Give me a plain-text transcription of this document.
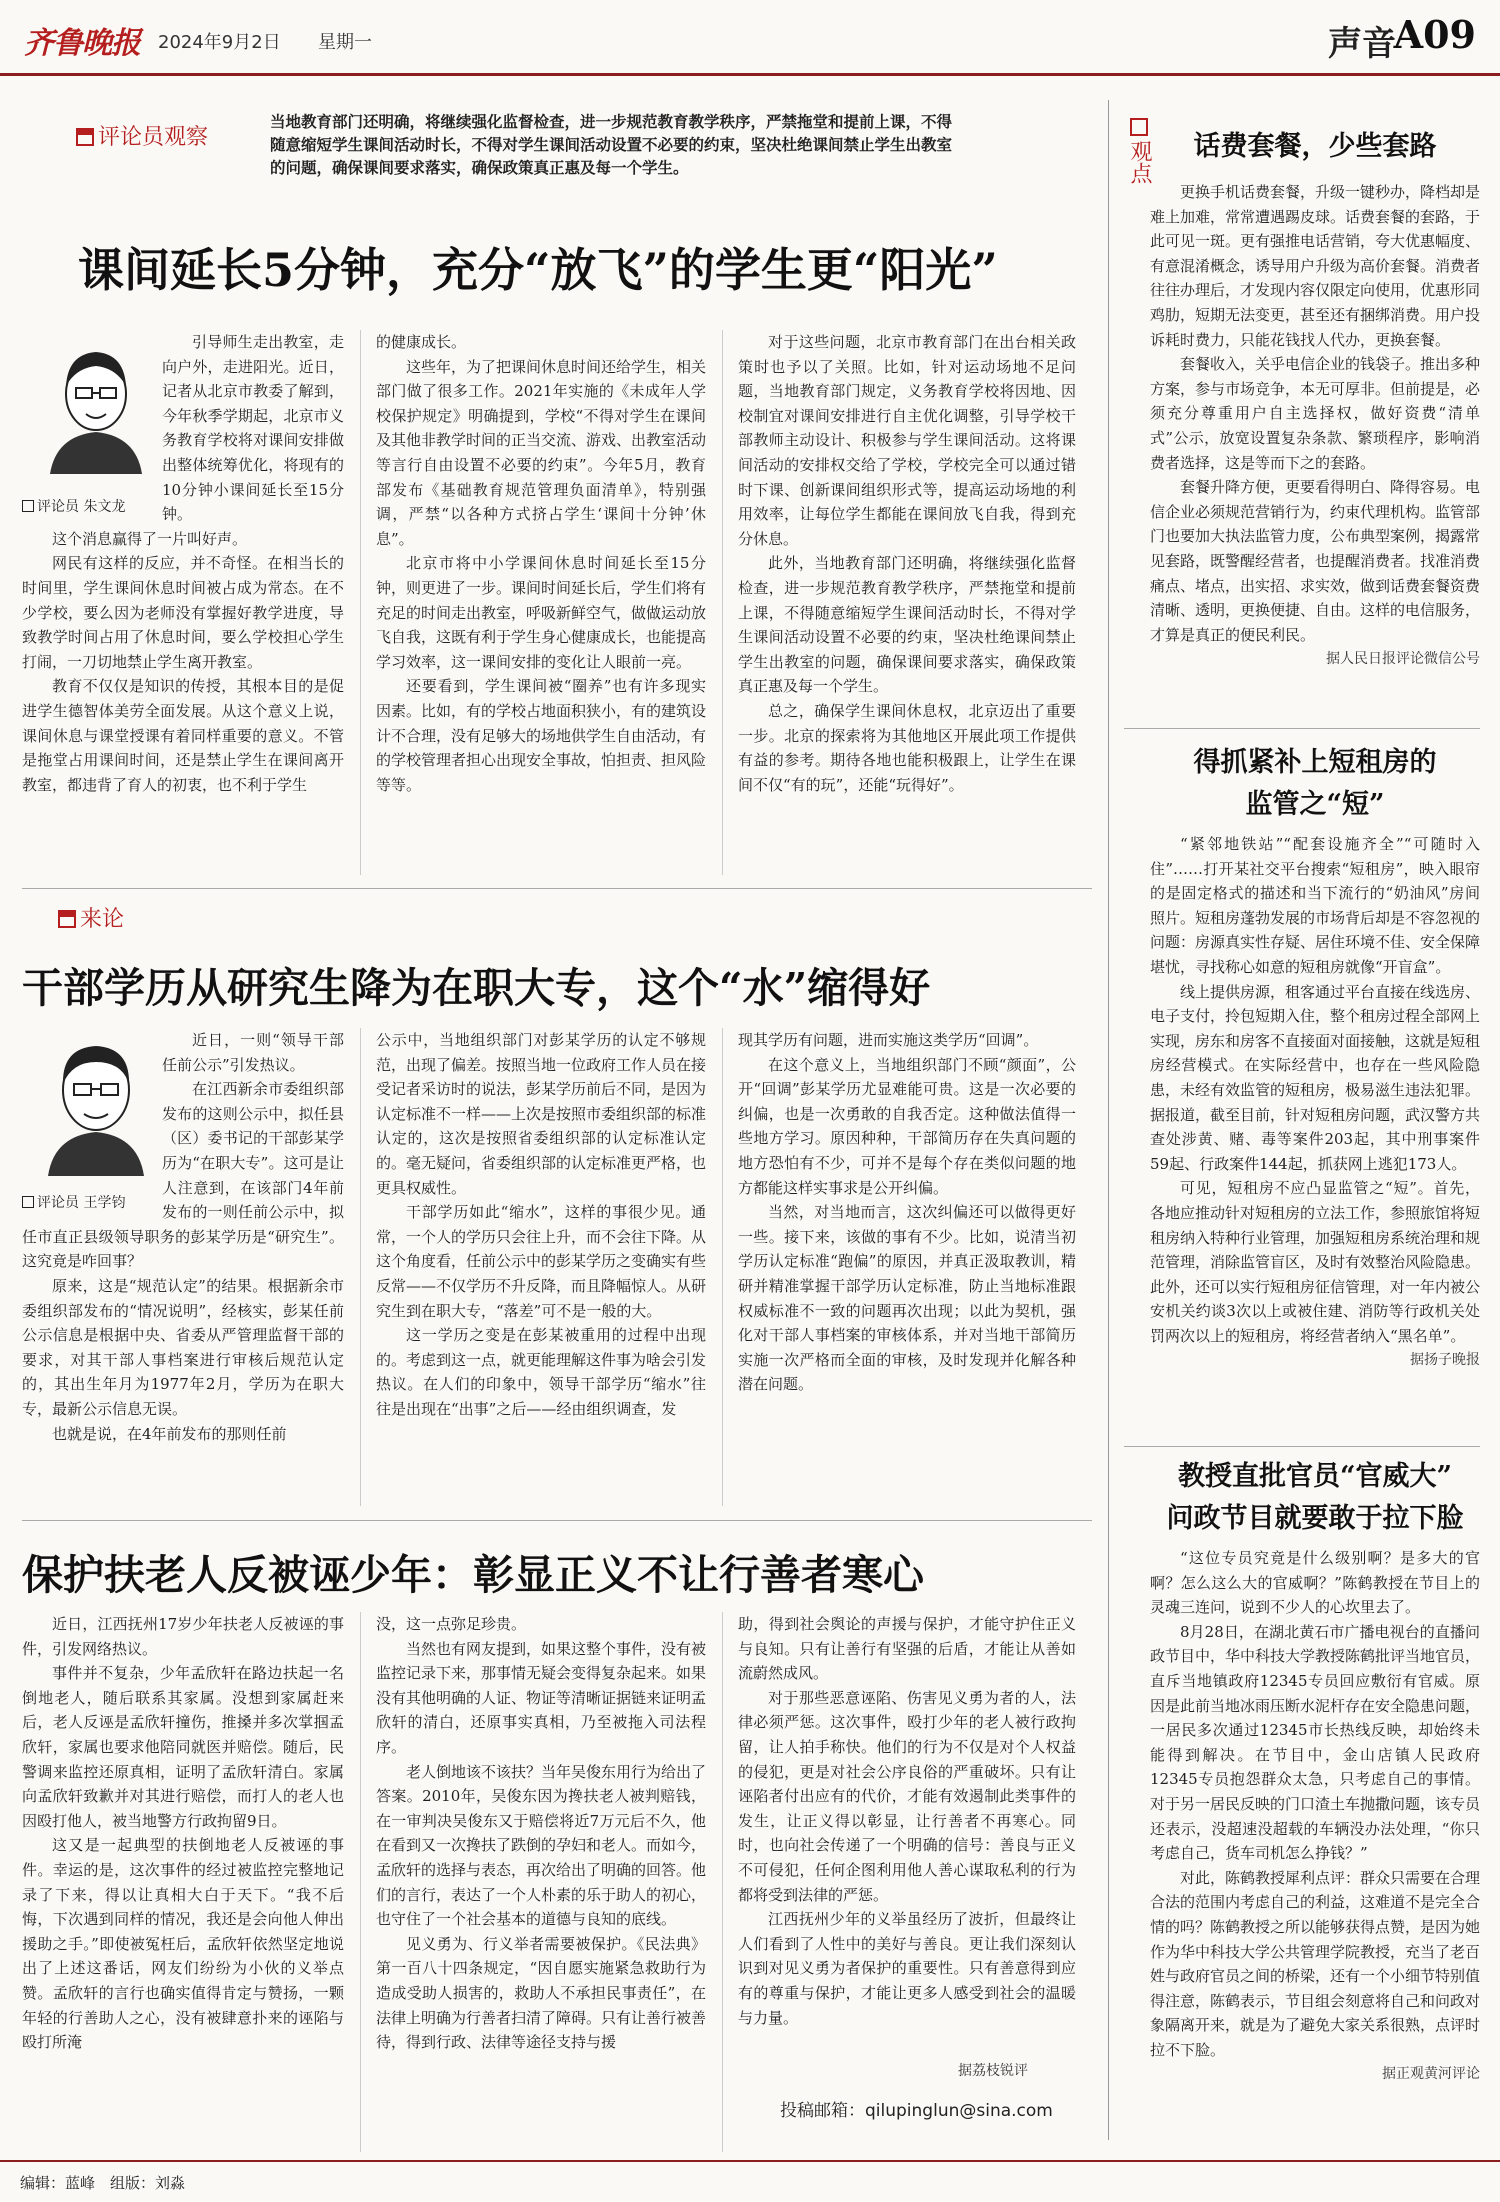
齐鲁晚报 2024年9月2日 星期一	声音
A09
评论员观察
来论
观点
当地教育部门还明确，将继续强化监督检查，进一步规范教育教学秩序，严禁拖堂和提前上课，不得随意缩短学生课间活动时长，不得对学生课间活动设置不必要的约束，坚决杜绝课间禁止学生出教室的问题，确保课间要求落实，确保政策真正惠及每一个学生。
课间延长5分钟，充分“放飞”的学生更“阳光”
评论员 朱文龙

引导师生走出教室，走向户外，走进阳光。近日，记者从北京市教委了解到，今年秋季学期起，北京市义务教育学校将对课间安排做出整体统筹优化，将现有的10分钟小课间延长至15分钟。

这个消息赢得了一片叫好声。

网民有这样的反应，并不奇怪。在相当长的时间里，学生课间休息时间被占成为常态。在不少学校，要么因为老师没有掌握好教学进度，导致教学时间占用了休息时间，要么学校担心学生打闹，一刀切地禁止学生离开教室。

教育不仅仅是知识的传授，其根本目的是促进学生德智体美劳全面发展。从这个意义上说，课间休息与课堂授课有着同样重要的意义。不管是拖堂占用课间时间，还是禁止学生在课间离开教室，都违背了育人的初衷，也不利于学生

的健康成长。

这些年，为了把课间休息时间还给学生，相关部门做了很多工作。2021年实施的《未成年人学校保护规定》明确提到，学校“不得对学生在课间及其他非教学时间的正当交流、游戏、出教室活动等言行自由设置不必要的约束”。今年5月，教育部发布《基础教育规范管理负面清单》，特别强调，严禁“以各种方式挤占学生‘课间十分钟’休息”。

北京市将中小学课间休息时间延长至15分钟，则更进了一步。课间时间延长后，学生们将有充足的时间走出教室，呼吸新鲜空气，做做运动放飞自我，这既有利于学生身心健康成长，也能提高学习效率，这一课间安排的变化让人眼前一亮。

还要看到，学生课间被“圈养”也有许多现实因素。比如，有的学校占地面积狭小，有的建筑设计不合理，没有足够大的场地供学生自由活动，有的学校管理者担心出现安全事故，怕担责、担风险等等。

对于这些问题，北京市教育部门在出台相关政策时也予以了关照。比如，针对运动场地不足问题，当地教育部门规定，义务教育学校将因地、因校制宜对课间安排进行自主优化调整，引导学校干部教师主动设计、积极参与学生课间活动。这将课间活动的安排权交给了学校，学校完全可以通过错时下课、创新课间组织形式等，提高运动场地的利用效率，让每位学生都能在课间放飞自我，得到充分休息。

此外，当地教育部门还明确，将继续强化监督检查，进一步规范教育教学秩序，严禁拖堂和提前上课，不得随意缩短学生课间活动时长，不得对学生课间活动设置不必要的约束，坚决杜绝课间禁止学生出教室的问题，确保课间要求落实，确保政策真正惠及每一个学生。

总之，确保学生课间休息权，北京迈出了重要一步。北京的探索将为其他地区开展此项工作提供有益的参考。期待各地也能积极跟上，让学生在课间不仅“有的玩”，还能“玩得好”。

干部学历从研究生降为在职大专，这个“水”缩得好
评论员 王学钧

近日，一则“领导干部任前公示”引发热议。

在江西新余市委组织部发布的这则公示中，拟任县（区）委书记的干部彭某学历为“在职大专”。这可是让人注意到，在该部门4年前发布的一则任前公示中，拟任市直正县级领导职务的彭某学历是“研究生”。这究竟是咋回事？

原来，这是“规范认定”的结果。根据新余市委组织部发布的“情况说明”，经核实，彭某任前公示信息是根据中央、省委从严管理监督干部的要求，对其干部人事档案进行审核后规范认定的，其出生年月为1977年2月，学历为在职大专，最新公示信息无误。

也就是说，在4年前发布的那则任前

公示中，当地组织部门对彭某学历的认定不够规范，出现了偏差。按照当地一位政府工作人员在接受记者采访时的说法，彭某学历前后不同，是因为认定标准不一样——上次是按照市委组织部的标准认定的，这次是按照省委组织部的认定标准认定的。毫无疑问，省委组织部的认定标准更严格，也更具权威性。

干部学历如此“缩水”，这样的事很少见。通常，一个人的学历只会往上升，而不会往下降。从这个角度看，任前公示中的彭某学历之变确实有些反常——不仅学历不升反降，而且降幅惊人。从研究生到在职大专，“落差”可不是一般的大。

这一学历之变是在彭某被重用的过程中出现的。考虑到这一点，就更能理解这件事为啥会引发热议。在人们的印象中，领导干部学历“缩水”往往是出现在“出事”之后——经由组织调查，发

现其学历有问题，进而实施这类学历“回调”。

在这个意义上，当地组织部门不顾“颜面”，公开“回调”彭某学历尤显难能可贵。这是一次必要的纠偏，也是一次勇敢的自我否定。这种做法值得一些地方学习。原因种种，干部简历存在失真问题的地方恐怕有不少，可并不是每个存在类似问题的地方都能这样实事求是公开纠偏。

当然，对当地而言，这次纠偏还可以做得更好一些。接下来，该做的事有不少。比如，说清当初学历认定标准“跑偏”的原因，并真正汲取教训，精研并精准掌握干部学历认定标准，防止当地标准跟权威标准不一致的问题再次出现；以此为契机，强化对干部人事档案的审核体系，并对当地干部简历实施一次严格而全面的审核，及时发现并化解各种潜在问题。

保护扶老人反被诬少年：彰显正义不让行善者寒心

近日，江西抚州17岁少年扶老人反被诬的事件，引发网络热议。

事件并不复杂，少年孟欣轩在路边扶起一名倒地老人，随后联系其家属。没想到家属赶来后，老人反诬是孟欣轩撞伤，推搡并多次掌掴孟欣轩，家属也要求他陪同就医并赔偿。随后，民警调来监控还原真相，证明了孟欣轩清白。家属向孟欣轩致歉并对其进行赔偿，而打人的老人也因殴打他人，被当地警方行政拘留9日。

这又是一起典型的扶倒地老人反被诬的事件。幸运的是，这次事件的经过被监控完整地记录了下来，得以让真相大白于天下。“我不后悔，下次遇到同样的情况，我还是会向他人伸出援助之手。”即使被冤枉后，孟欣轩依然坚定地说出了上述这番话，网友们纷纷为小伙的义举点赞。孟欣轩的言行也确实值得肯定与赞扬，一颗年轻的行善助人之心，没有被肆意扑来的诬陷与殴打所淹

没，这一点弥足珍贵。

当然也有网友提到，如果这整个事件，没有被监控记录下来，那事情无疑会变得复杂起来。如果没有其他明确的人证、物证等清晰证据链来证明孟欣轩的清白，还原事实真相，乃至被拖入司法程序。

老人倒地该不该扶？当年吴俊东用行为给出了答案。2010年，吴俊东因为搀扶老人被判赔钱，在一审判决吴俊东又于赔偿将近7万元后不久，他在看到又一次搀扶了跌倒的孕妇和老人。而如今，孟欣轩的选择与表态，再次给出了明确的回答。他们的言行，表达了一个人朴素的乐于助人的初心，也守住了一个社会基本的道德与良知的底线。

见义勇为、行义举者需要被保护。《民法典》第一百八十四条规定，“因自愿实施紧急救助行为造成受助人损害的，救助人不承担民事责任”，在法律上明确为行善者扫清了障碍。只有让善行被善待，得到行政、法律等途径支持与援

助，得到社会舆论的声援与保护，才能守护住正义与良知。只有让善行有坚强的后盾，才能让从善如流蔚然成风。

对于那些恶意诬陷、伤害见义勇为者的人，法律必须严惩。这次事件，殴打少年的老人被行政拘留，让人拍手称快。他们的行为不仅是对个人权益的侵犯，更是对社会公序良俗的严重破坏。只有让诬陷者付出应有的代价，才能有效遏制此类事件的发生，让正义得以彰显，让行善者不再寒心。同时，也向社会传递了一个明确的信号：善良与正义不可侵犯，任何企图利用他人善心谋取私利的行为都将受到法律的严惩。

江西抚州少年的义举虽经历了波折，但最终让人们看到了人性中的美好与善良。更让我们深刻认识到对见义勇为者保护的重要性。只有善意得到应有的尊重与保护，才能让更多人感受到社会的温暖与力量。

据荔枝锐评
投稿邮箱：qilupinglun@sina.com
话费套餐，少些套路

更换手机话费套餐，升级一键秒办，降档却是难上加难，常常遭遇踢皮球。话费套餐的套路，于此可见一斑。更有强推电话营销，夸大优惠幅度、有意混淆概念，诱导用户升级为高价套餐。消费者往往办理后，才发现内容仅限定向使用，优惠形同鸡肋，短期无法变更，甚至还有捆绑消费。用户投诉耗时费力，只能花钱找人代办，更换套餐。

套餐收入，关乎电信企业的钱袋子。推出多种方案，参与市场竞争，本无可厚非。但前提是，必须充分尊重用户自主选择权，做好资费“清单式”公示，放宽设置复杂条款、繁琐程序，影响消费者选择，这是等而下之的套路。

套餐升降方便，更要看得明白、降得容易。电信企业必须规范营销行为，约束代理机构。监管部门也要加大执法监管力度，公布典型案例，揭露常见套路，既警醒经营者，也提醒消费者。找准消费痛点、堵点，出实招、求实效，做到话费套餐资费清晰、透明，更换便捷、自由。这样的电信服务，才算是真正的便民利民。

据人民日报评论微信公号

得抓紧补上短租房的
监管之“短”

“紧邻地铁站”“配套设施齐全”“可随时入住”……打开某社交平台搜索“短租房”，映入眼帘的是固定格式的描述和当下流行的“奶油风”房间照片。短租房蓬勃发展的市场背后却是不容忽视的问题：房源真实性存疑、居住环境不佳、安全保障堪忧，寻找称心如意的短租房就像“开盲盒”。

线上提供房源，租客通过平台直接在线选房、电子支付，拎包短期入住，整个租房过程全部网上实现，房东和房客不直接面对面接触，这就是短租房经营模式。在实际经营中，也存在一些风险隐患，未经有效监管的短租房，极易滋生违法犯罪。据报道，截至目前，针对短租房问题，武汉警方共查处涉黄、赌、毒等案件203起，其中刑事案件59起、行政案件144起，抓获网上逃犯173人。

可见，短租房不应凸显监管之“短”。首先，各地应推动针对短租房的立法工作，参照旅馆将短租房纳入特种行业管理，加强短租房系统治理和规范管理，消除监管盲区，及时有效整治风险隐患。此外，还可以实行短租房征信管理，对一年内被公安机关约谈3次以上或被住建、消防等行政机关处罚两次以上的短租房，将经营者纳入“黑名单”。

据扬子晚报

教授直批官员“官威大”
问政节目就要敢于拉下脸

“这位专员究竟是什么级别啊？是多大的官啊？怎么这么大的官威啊？”陈鹤教授在节目上的灵魂三连问，说到不少人的心坎里去了。

8月28日，在湖北黄石市广播电视台的直播问政节目中，华中科技大学教授陈鹤批评当地官员，直斥当地镇政府12345专员回应敷衍有官威。原因是此前当地冰雨压断水泥杆存在安全隐患问题，一居民多次通过12345市长热线反映，却始终未能得到解决。在节目中，金山店镇人民政府12345专员抱怨群众太急，只考虑自己的事情。对于另一居民反映的门口渣土车抛撒问题，该专员还表示，没超速没超载的车辆没办法处理，“你只考虑自己，货车司机怎么挣钱？”

对此，陈鹤教授犀利点评：群众只需要在合理合法的范围内考虑自己的利益，这难道不是完全合情的吗？陈鹤教授之所以能够获得点赞，是因为她作为华中科技大学公共管理学院教授，充当了老百姓与政府官员之间的桥梁，还有一个小细节特别值得注意，陈鹤表示，节目组会刻意将自己和问政对象隔离开来，就是为了避免大家关系很熟，点评时拉不下脸。

据正观黄河评论

编辑：蓝峰　组版：刘淼
